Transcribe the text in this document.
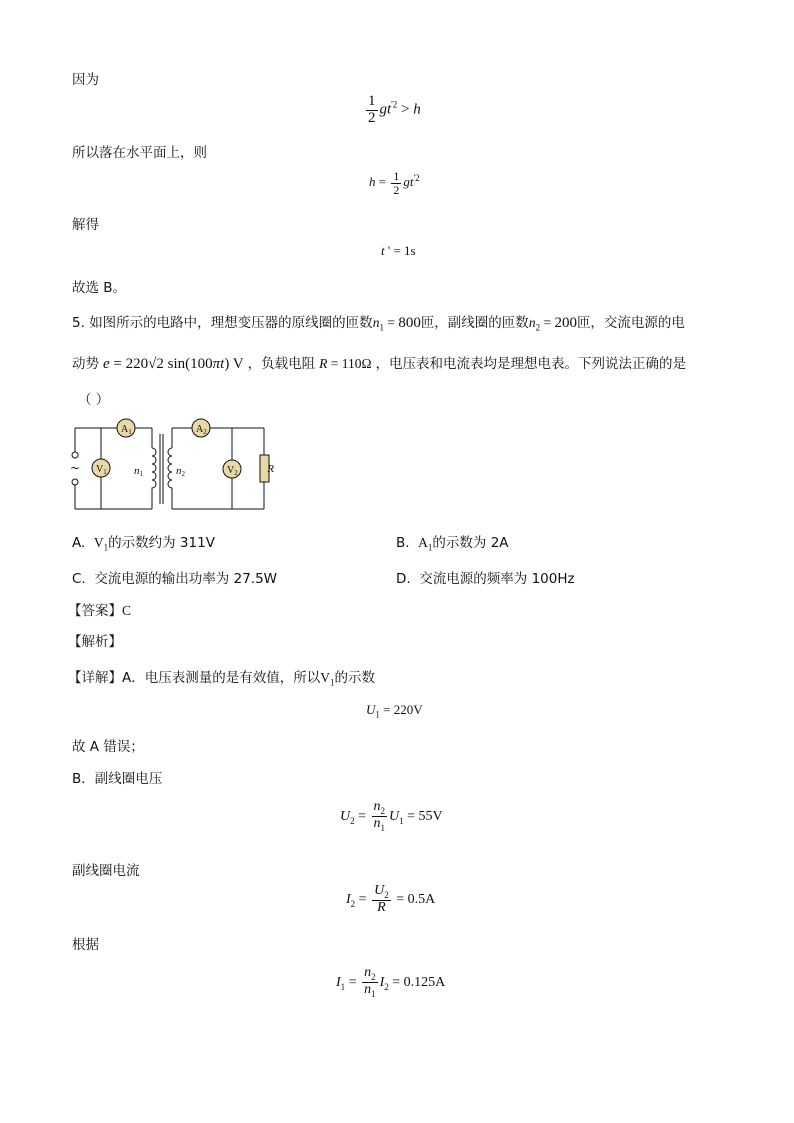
因为
$\frac{1}{2} gt^{'2} > h$
所以落在水平面上，则
$h = \frac{1}{2} gt^{'2}$
解得
t ' = 1s
故选 B。
5. 如图所示的电路中，理想变压器的原线圈的匝数$n_1 = 800$匝，副线圈的匝数$n_2 = 200$匝，交流电源的电
动势 e = 220√2 sin(100πt) V ，负载电阻 R = 110Ω ，电压表和电流表均是理想电表。下列说法正确的是
（ ）
$A_1$	$A_2$
$V_1$	$V_2$
~	n1	n2	R
A. $V_1$的示数约为 311V	B. $A_1$的示数为 2A
C. 交流电源的输出功率为 27.5W	D. 交流电源的频率为 100Hz
【答案】C
【解析】
【详解】A．电压表测量的是有效值，所以$V_1$的示数
$U_1 = 220V$
故 A 错误；
B．副线圈电压
$U_2 = \frac{n_2}{n_1} U_1 = 55V$
副线圈电流
$I_2 = \frac{U_2}{R} = 0.5A$
根据
$I_1 = \frac{n_2}{n_1} I_2 = 0.125A$
